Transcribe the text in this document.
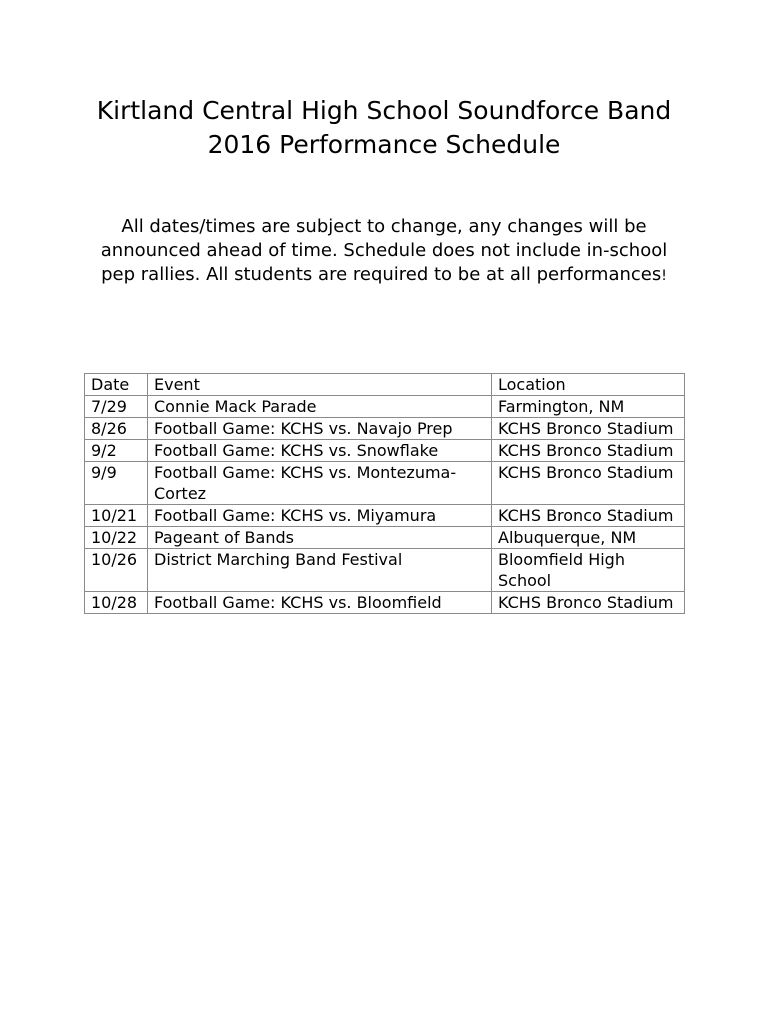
Kirtland Central High School Soundforce Band
2016 Performance Schedule
All dates/times are subject to change, any changes will be announced ahead of time. Schedule does not include in-school pep rallies. All students are required to be at all performances!
Date	Event	Location
7/29	Connie Mack Parade	Farmington, NM
8/26	Football Game: KCHS vs. Navajo Prep	KCHS Bronco Stadium
9/2	Football Game: KCHS vs. Snowflake	KCHS Bronco Stadium
9/9	Football Game: KCHS vs. Montezuma-Cortez	KCHS Bronco Stadium
10/21	Football Game: KCHS vs. Miyamura	KCHS Bronco Stadium
10/22	Pageant of Bands	Albuquerque, NM
10/26	District Marching Band Festival	Bloomfield High School
10/28	Football Game: KCHS vs. Bloomfield	KCHS Bronco Stadium
